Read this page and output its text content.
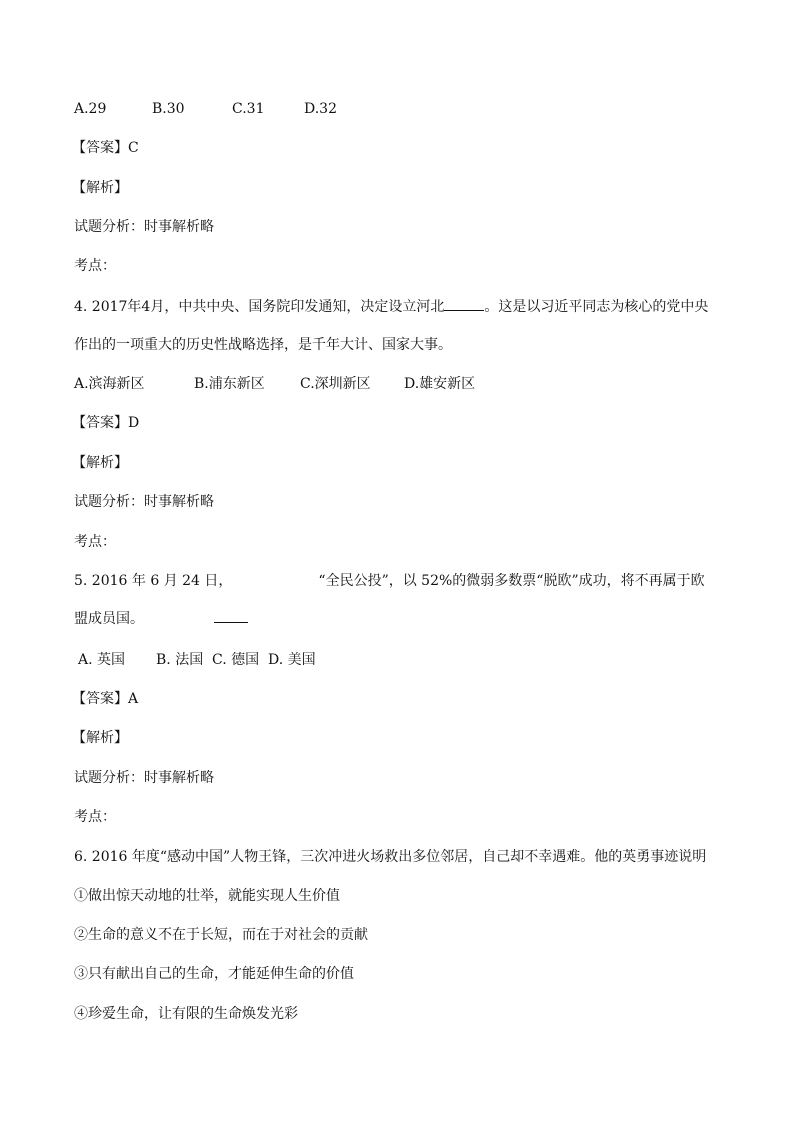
A.29	B.30	C.31	D.32
【答案】C
【解析】
试题分析：时事解析略
考点：
4. 2017年4月，中共中央、国务院印发通知，决定设立河北	。这是以习近平同志为核心的党中央
作出的一项重大的历史性战略选择，是千年大计、国家大事。
A.滨海新区	B.浦东新区	C.深圳新区	D.雄安新区
【答案】D
【解析】
试题分析：时事解析略
考点：
5. 2016 年 6 月 24 日，	“全民公投”，以 52%的微弱多数票“脱欧”成功，将不再属于欧
盟成员国。
A. 英国	B. 法国 C. 德国 D. 美国
【答案】A
【解析】
试题分析：时事解析略
考点：
6. 2016 年度“感动中国”人物王锋，三次冲进火场救出多位邻居，自己却不幸遇难。他的英勇事迹说明
①做出惊天动地的壮举，就能实现人生价值
②生命的意义不在于长短，而在于对社会的贡献
③只有献出自己的生命，才能延伸生命的价值
④珍爱生命，让有限的生命焕发光彩
